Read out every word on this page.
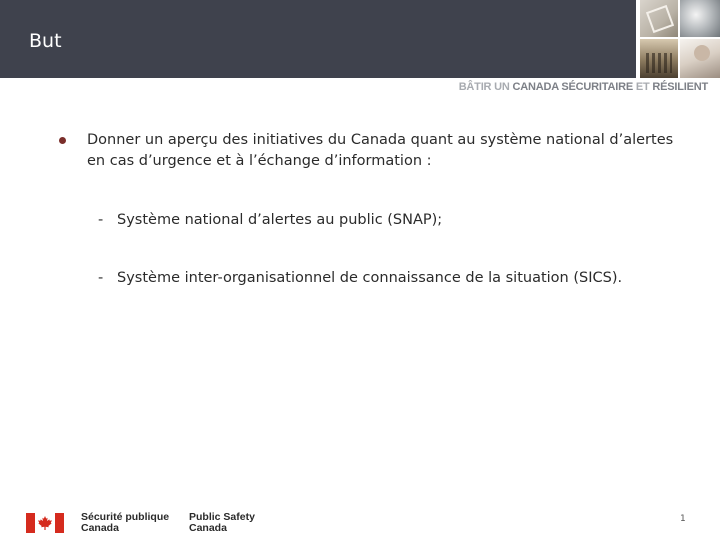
But
BÂTIR UN CANADA SÉCURITAIRE ET RÉSILIENT
Donner un aperçu des initiatives du Canada quant au système national d’alertes en cas d’urgence et à l’échange d’information :
- Système national d’alertes au public (SNAP);
- Système inter-organisationnel de connaissance de la situation (SICS).
Sécurité publique
Canada
Public Safety
Canada
1
